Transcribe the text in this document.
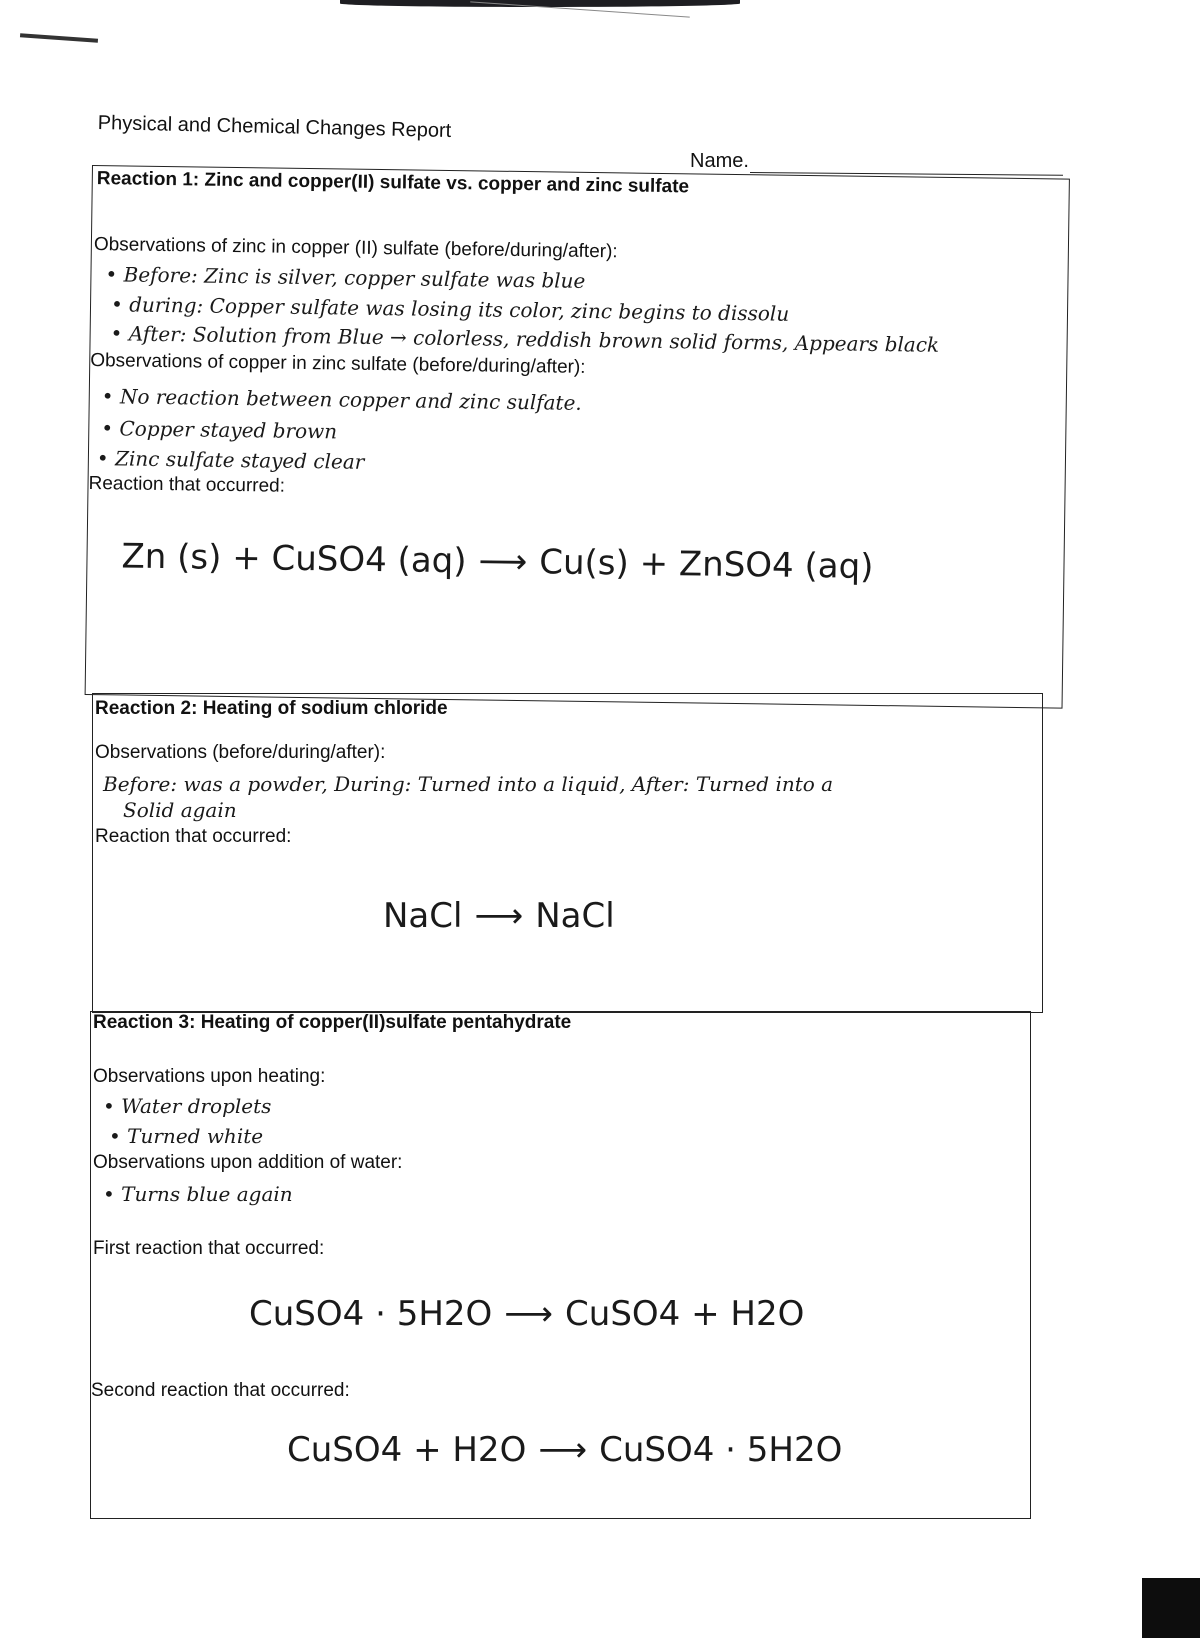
Physical and Chemical Changes Report
Name.
Reaction 1: Zinc and copper(II) sulfate vs. copper and zinc sulfate
Observations of zinc in copper (II) sulfate (before/during/after):
• Before: Zinc is silver, copper sulfate was blue
• during: Copper sulfate was losing its color, zinc begins to dissolu
• After: Solution from Blue → colorless, reddish brown solid forms, Appears black
Observations of copper in zinc sulfate (before/during/after):
• No reaction between copper and zinc sulfate.
• Copper stayed brown
• Zinc sulfate stayed clear
Reaction that occurred:
Zn (s) + CuSO4 (aq) ⟶ Cu(s) + ZnSO4 (aq)
Reaction 2: Heating of sodium chloride
Observations (before/during/after):
Before: was a powder, During: Turned into a liquid, After: Turned into a
Solid again
Reaction that occurred:
NaCl ⟶ NaCl
Reaction 3: Heating of copper(II)sulfate pentahydrate
Observations upon heating:
• Water droplets
• Turned white
Observations upon addition of water:
• Turns blue again
First reaction that occurred:
CuSO4 · 5H2O ⟶ CuSO4 + H2O
Second reaction that occurred:
CuSO4 + H2O ⟶ CuSO4 · 5H2O
